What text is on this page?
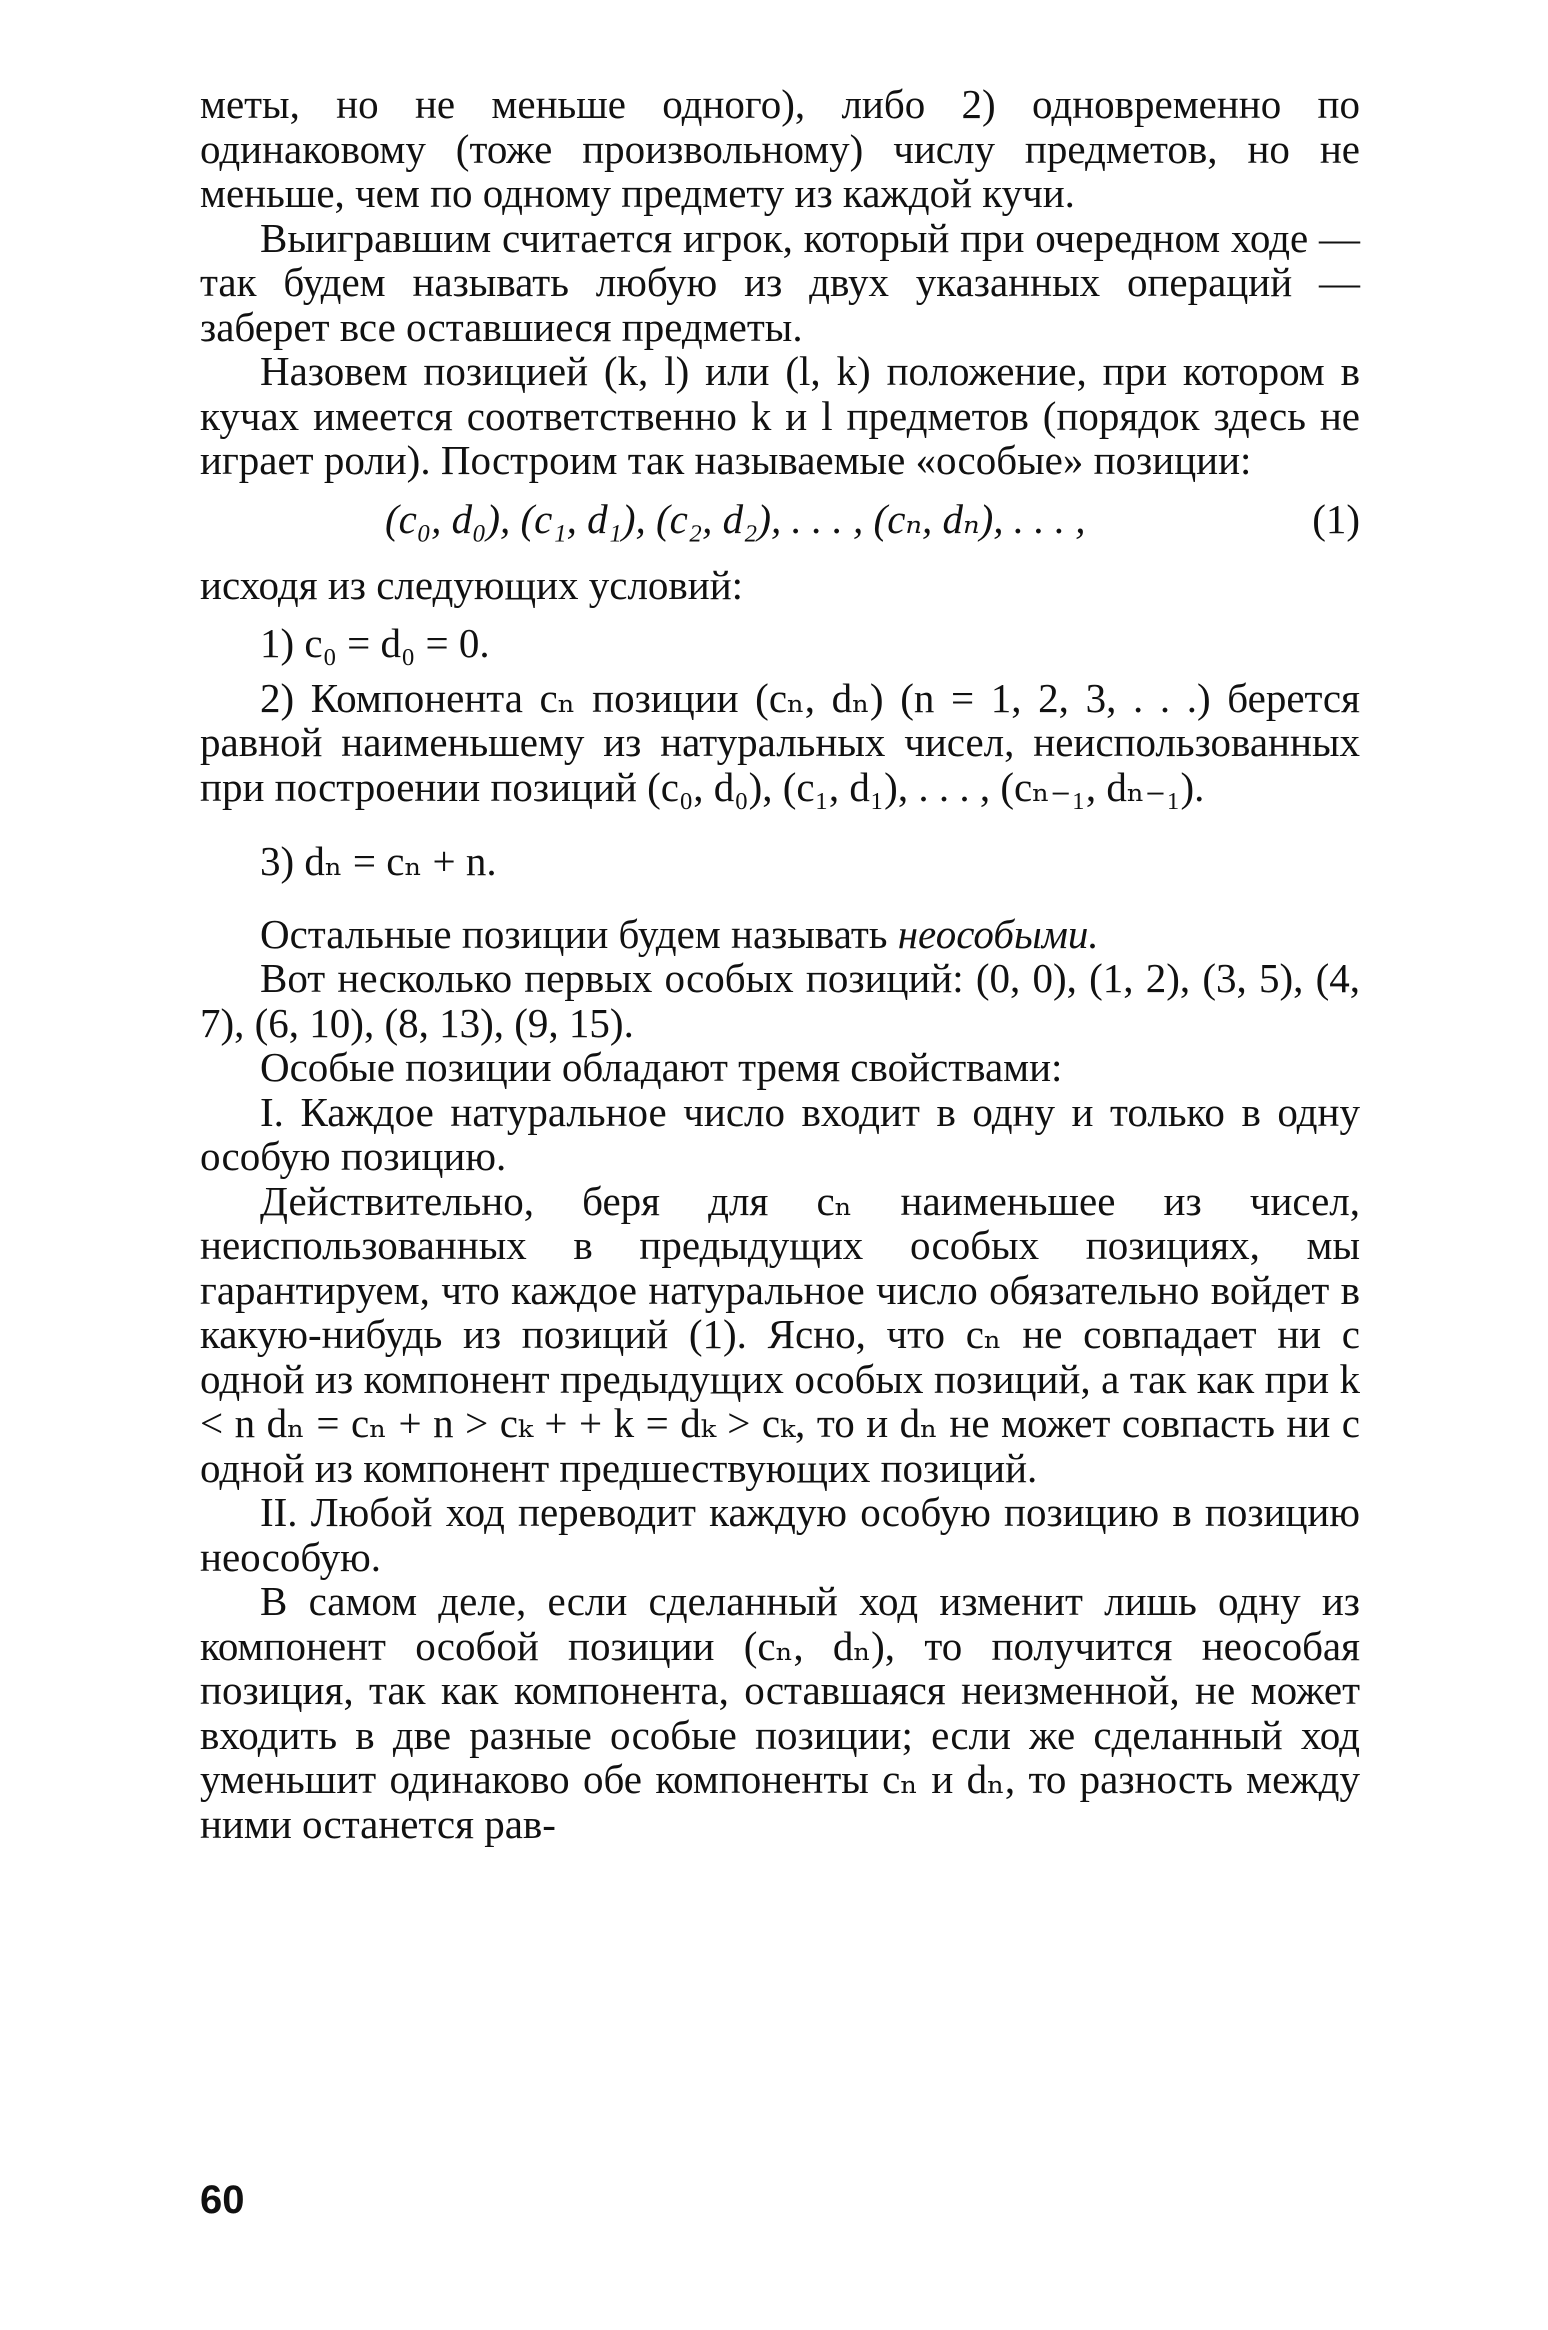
меты, но не меньше одного), либо 2) одновременно по одинаковому (тоже произвольному) числу предметов, но не меньше, чем по одному предмету из каждой кучи.

Выигравшим считается игрок, который при очередном ходе — так будем называть любую из двух указанных операций — заберет все оставшиеся предметы.

Назовем позицией (k, l) или (l, k) положение, при котором в кучах имеется соответственно k и l предметов (порядок здесь не играет роли). Построим так называемые «особые» позиции:

(c₀, d₀), (c₁, d₁), (c₂, d₂), . . . , (cₙ, dₙ), . . . ,	(1)

исходя из следующих условий:

1) c₀ = d₀ = 0.

2) Компонента cₙ позиции (cₙ, dₙ) (n = 1, 2, 3, . . .) берется равной наименьшему из натуральных чисел, неиспользованных при построении позиций (c₀, d₀), (c₁, d₁), . . . , (cₙ₋₁, dₙ₋₁).

3) dₙ = cₙ + n.

Остальные позиции будем называть неособыми.

Вот несколько первых особых позиций: (0, 0), (1, 2), (3, 5), (4, 7), (6, 10), (8, 13), (9, 15).

Особые позиции обладают тремя свойствами:

I. Каждое натуральное число входит в одну и только в одну особую позицию.

Действительно, беря для cₙ наименьшее из чисел, неиспользованных в предыдущих особых позициях, мы гарантируем, что каждое натуральное число обязательно войдет в какую-нибудь из позиций (1). Ясно, что cₙ не совпадает ни с одной из компонент предыдущих особых позиций, а так как при k < n dₙ = cₙ + n > cₖ + + k = dₖ > cₖ, то и dₙ не может совпасть ни с одной из компонент предшествующих позиций.

II. Любой ход переводит каждую особую позицию в позицию неособую.

В самом деле, если сделанный ход изменит лишь одну из компонент особой позиции (cₙ, dₙ), то получится неособая позиция, так как компонента, оставшаяся неизменной, не может входить в две разные особые позиции; если же сделанный ход уменьшит одинаково обе компоненты cₙ и dₙ, то разность между ними останется рав-

60
